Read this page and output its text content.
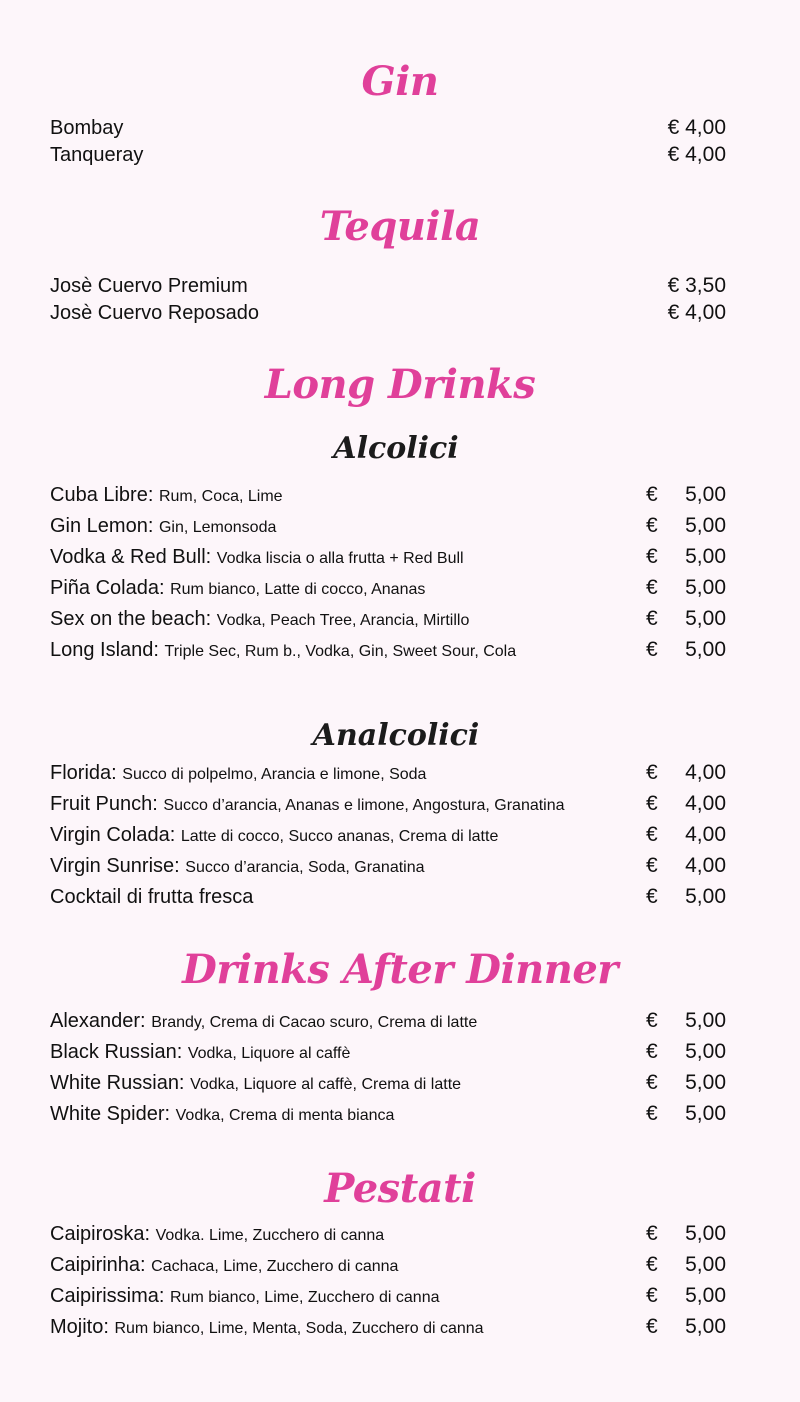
Gin
Bombay	€ 4,00
Tanqueray	€ 4,00
Tequila
Josè Cuervo Premium	€ 3,50
Josè Cuervo Reposado	€ 4,00
Long Drinks
Alcolici
Cuba Libre: Rum, Coca, Lime	€ 5,00
Gin Lemon: Gin, Lemonsoda	€ 5,00
Vodka & Red Bull: Vodka liscia o alla frutta + Red Bull	€ 5,00
Piña Colada: Rum bianco, Latte di cocco, Ananas	€ 5,00
Sex on the beach: Vodka, Peach Tree, Arancia, Mirtillo	€ 5,00
Long Island: Triple Sec, Rum b., Vodka, Gin, Sweet Sour, Cola	€ 5,00
Analcolici
Florida: Succo di polpelmo, Arancia e limone, Soda	€ 4,00
Fruit Punch: Succo d’arancia, Ananas e limone, Angostura, Granatina	€ 4,00
Virgin Colada: Latte di cocco, Succo ananas, Crema di latte	€ 4,00
Virgin Sunrise: Succo d’arancia, Soda, Granatina	€ 4,00
Cocktail di frutta fresca	€ 5,00
Drinks After Dinner
Alexander: Brandy, Crema di Cacao scuro, Crema di latte	€ 5,00
Black Russian: Vodka, Liquore al caffè	€ 5,00
White Russian: Vodka, Liquore al caffè, Crema di latte	€ 5,00
White Spider: Vodka, Crema di menta bianca	€ 5,00
Pestati
Caipiroska: Vodka. Lime, Zucchero di canna	€ 5,00
Caipirinha: Cachaca, Lime, Zucchero di canna	€ 5,00
Caipirissima: Rum bianco, Lime, Zucchero di canna	€ 5,00
Mojito: Rum bianco, Lime, Menta, Soda, Zucchero di canna	€ 5,00
